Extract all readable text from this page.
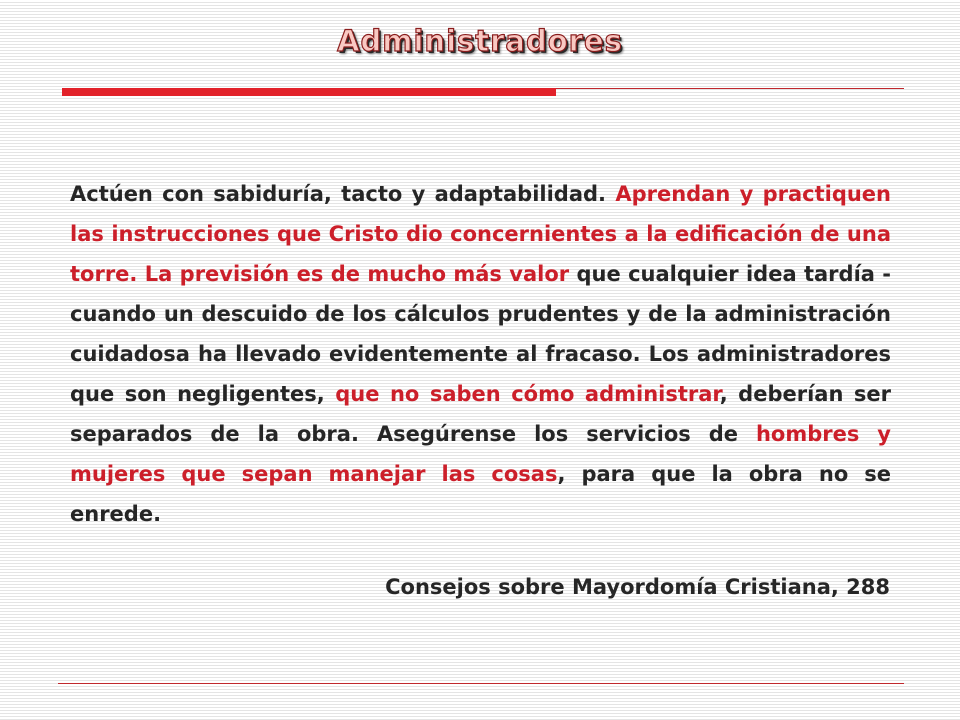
Administradores

Actúen con sabiduría, tacto y adaptabilidad. Aprendan y practiquen las instrucciones que Cristo dio concernientes a la edificación de una torre. La previsión es de mucho más valor que cualquier idea tardía -cuando un descuido de los cálculos prudentes y de la administración cuidadosa ha llevado evidentemente al fracaso. Los administradores que son negligentes, que no saben cómo administrar, deberían ser separados de la obra. Asegúrense los servicios de hombres y mujeres que sepan manejar las cosas, para que la obra no se enrede.

Consejos sobre Mayordomía Cristiana, 288
